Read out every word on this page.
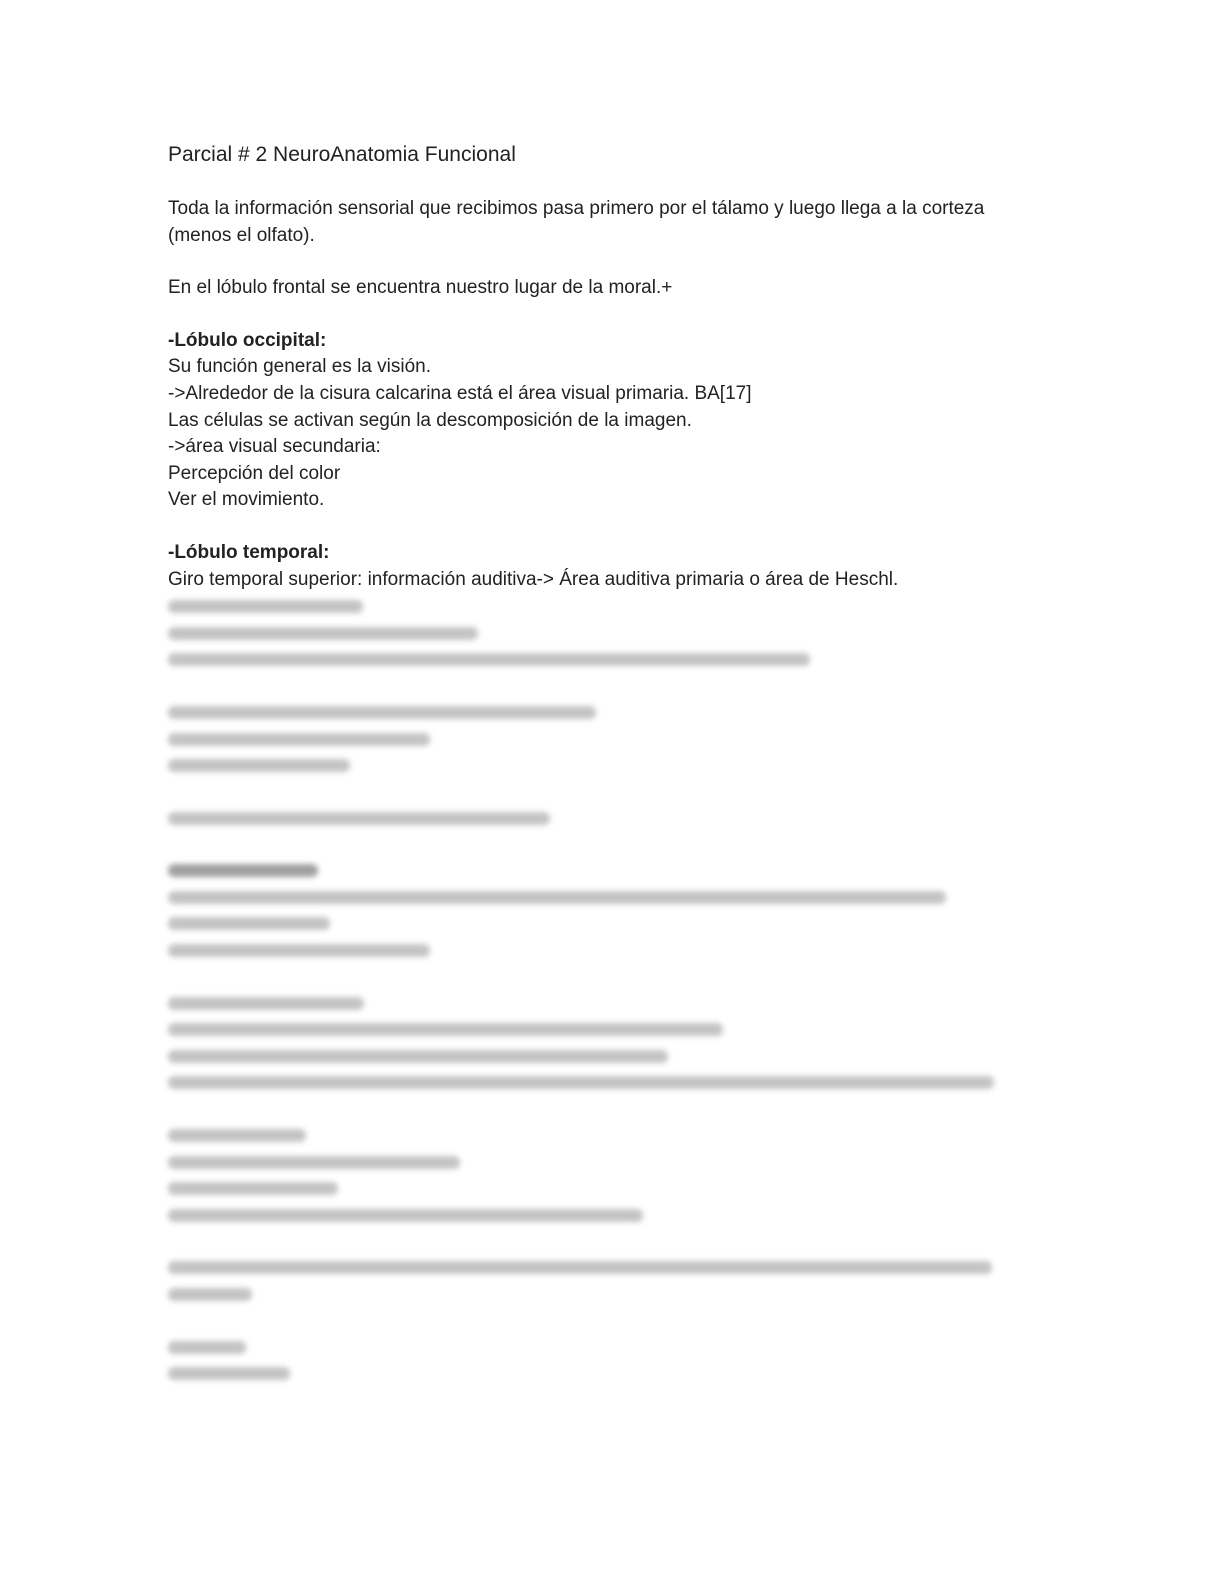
Parcial # 2 NeuroAnatomia Funcional
Toda la información sensorial que recibimos pasa primero por el tálamo y luego llega a la corteza (menos el olfato).
En el lóbulo frontal se encuentra nuestro lugar de la moral.+
-Lóbulo occipital:
Su función general es la visión.
->Alrededor de la cisura calcarina está el área visual primaria. BA[17]
Las células se activan según la descomposición de la imagen.
->área visual secundaria:
Percepción del color
Ver el movimiento.
-Lóbulo temporal:
Giro temporal superior: información auditiva-> Área auditiva primaria o área de Heschl.
